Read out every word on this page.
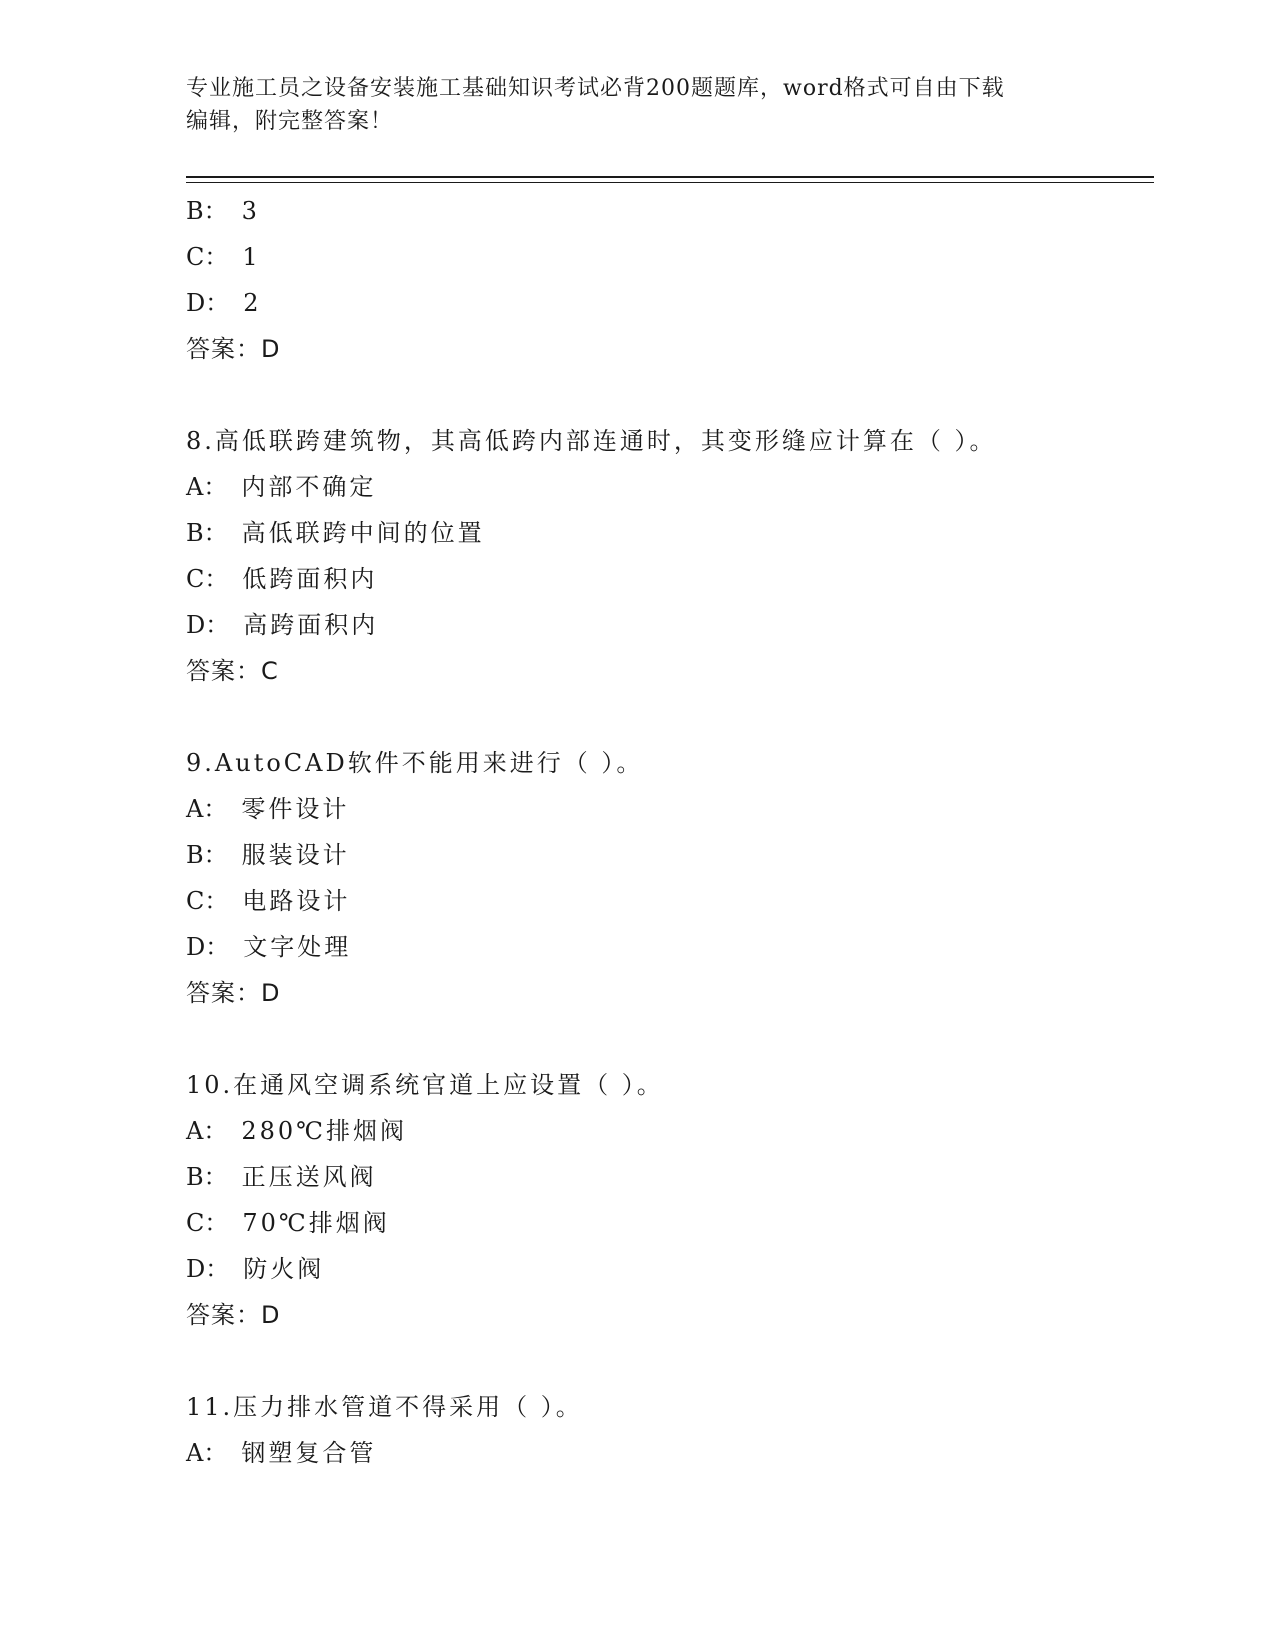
专业施工员之设备安装施工基础知识考试必背200题题库，word格式可自由下载
编辑，附完整答案！
B： 3
C： 1
D： 2
答案：D
8.高低联跨建筑物，其高低跨内部连通时，其变形缝应计算在（ ）。
A： 内部不确定
B： 高低联跨中间的位置
C： 低跨面积内
D： 高跨面积内
答案：C
9.AutoCAD软件不能用来进行（ ）。
A： 零件设计
B： 服装设计
C： 电路设计
D： 文字处理
答案：D
10.在通风空调系统官道上应设置（ ）。
A： 280℃排烟阀
B： 正压送风阀
C： 70℃排烟阀
D： 防火阀
答案：D
11.压力排水管道不得采用（ ）。
A： 钢塑复合管
